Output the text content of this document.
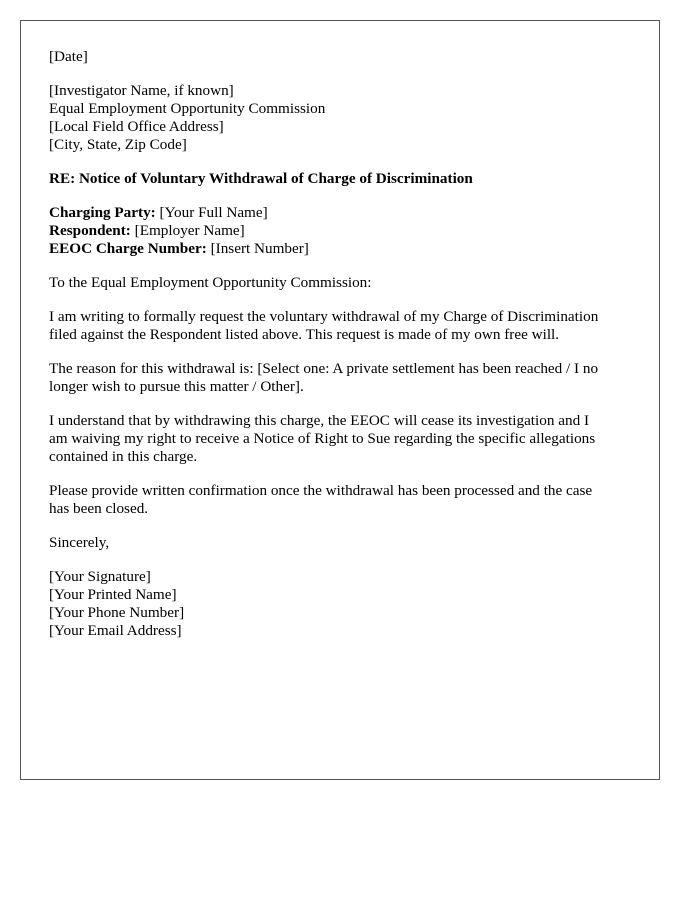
[Date]
[Investigator Name, if known]
Equal Employment Opportunity Commission
[Local Field Office Address]
[City, State, Zip Code]
RE: Notice of Voluntary Withdrawal of Charge of Discrimination
Charging Party: [Your Full Name]
Respondent: [Employer Name]
EEOC Charge Number: [Insert Number]
To the Equal Employment Opportunity Commission:
I am writing to formally request the voluntary withdrawal of my Charge of Discrimination
filed against the Respondent listed above. This request is made of my own free will.
The reason for this withdrawal is: [Select one: A private settlement has been reached / I no
longer wish to pursue this matter / Other].
I understand that by withdrawing this charge, the EEOC will cease its investigation and I
am waiving my right to receive a Notice of Right to Sue regarding the specific allegations
contained in this charge.
Please provide written confirmation once the withdrawal has been processed and the case
has been closed.
Sincerely,
[Your Signature]
[Your Printed Name]
[Your Phone Number]
[Your Email Address]
